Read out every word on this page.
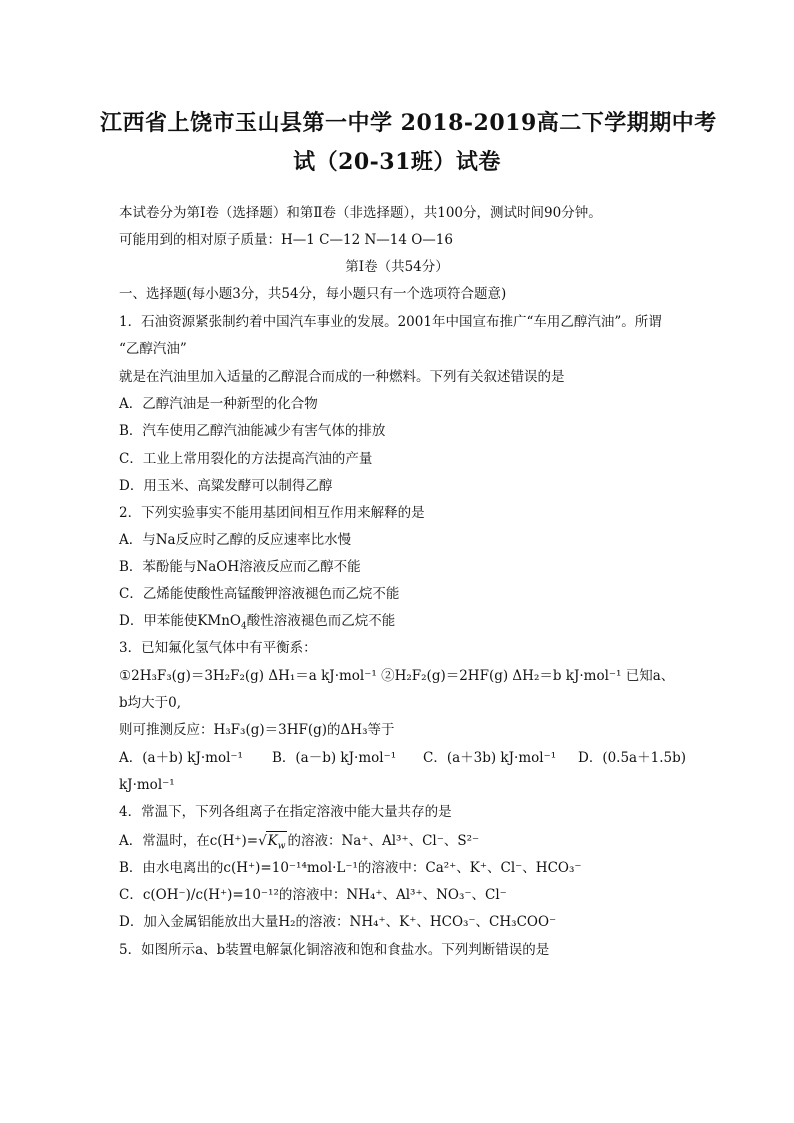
江西省上饶市玉山县第一中学 2018-2019高二下学期期中考
试（20-31班）试卷
本试卷分为第Ⅰ卷（选择题）和第Ⅱ卷（非选择题），共100分，测试时间90分钟。
可能用到的相对原子质量：H—1 C—12 N—14 O—16
第Ⅰ卷（共54分）
一、选择题(每小题3分，共54分，每小题只有一个选项符合题意)
1．石油资源紧张制约着中国汽车事业的发展。2001年中国宣布推广“车用乙醇汽油”。所谓
“乙醇汽油”
就是在汽油里加入适量的乙醇混合而成的一种燃料。下列有关叙述错误的是
A．乙醇汽油是一种新型的化合物
B．汽车使用乙醇汽油能减少有害气体的排放
C．工业上常用裂化的方法提高汽油的产量
D．用玉米、高粱发酵可以制得乙醇
2．下列实验事实不能用基团间相互作用来解释的是
A．与Na反应时乙醇的反应速率比水慢
B．苯酚能与NaOH溶液反应而乙醇不能
C．乙烯能使酸性高锰酸钾溶液褪色而乙烷不能
D．甲苯能使KMnO$_4$酸性溶液褪色而乙烷不能
3．已知氟化氢气体中有平衡系：
①2H₃F₃(g)＝3H₂F₂(g) ΔH₁＝a kJ·mol⁻¹ ②H₂F₂(g)＝2HF(g) ΔH₂＝b kJ·mol⁻¹ 已知a、
b均大于0,
则可推测反应：H₃F₃(g)＝3HF(g)的ΔH₃等于
A．(a＋b) kJ·mol⁻¹ B．(a－b) kJ·mol⁻¹ C．(a＋3b) kJ·mol⁻¹ D．(0.5a＋1.5b)
kJ·mol⁻¹
4．常温下，下列各组离子在指定溶液中能大量共存的是
A．常温时，在$c(H^+)=√K_w$ 的溶液：Na⁺、Al³⁺、Cl⁻、S²⁻
B．由水电离出的c(H⁺)=10⁻¹⁴mol·L⁻¹的溶液中：Ca²⁺、K⁺、Cl⁻、HCO₃⁻
C．c(OH⁻)/c(H⁺)=10⁻¹²的溶液中：NH₄⁺、Al³⁺、NO₃⁻、Cl⁻
D．加入金属铝能放出大量H₂的溶液：NH₄⁺、K⁺、HCO₃⁻、CH₃COO⁻
5．如图所示a、b装置电解氯化铜溶液和饱和食盐水。下列判断错误的是
